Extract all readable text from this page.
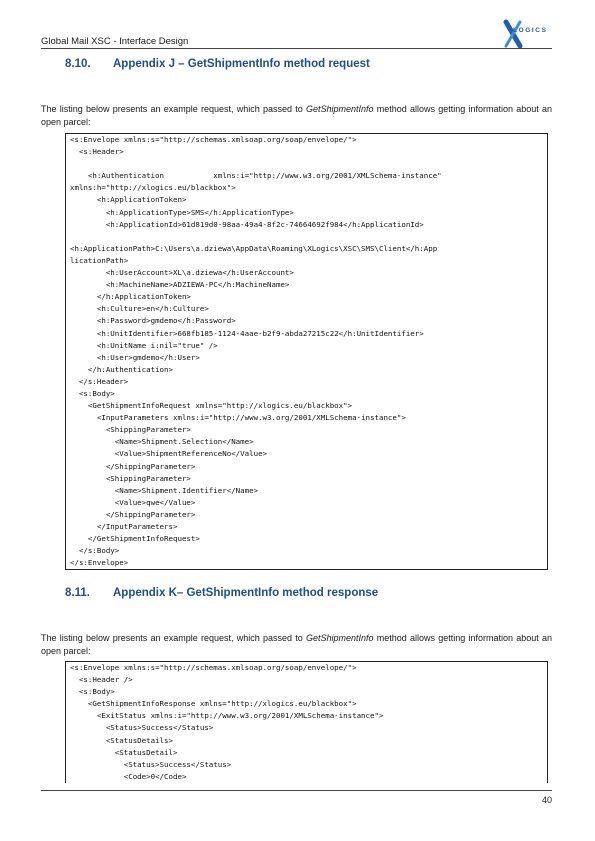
Global Mail XSC - Interface Design
LOGICS
8.10. Appendix J – GetShipmentInfo method request
The listing below presents an example request, which passed to GetShipmentInfo method allows getting information about an open parcel:
<s:Envelope xmlns:s="http://schemas.xmlsoap.org/soap/envelope/">
<s:Header>
<h:Authentication           xmlns:i="http://www.w3.org/2001/XMLSchema-instance"
xmlns:h="http://xlogics.eu/blackbox">
<h:ApplicationToken>
<h:ApplicationType>SMS</h:ApplicationType>
<h:ApplicationId>61d819d0-98aa-49a4-8f2c-74664692f984</h:ApplicationId>
<h:ApplicationPath>C:\Users\a.dziewa\AppData\Roaming\XLogics\XSC\SMS\Client</h:App
licationPath>
<h:UserAccount>XL\a.dziewa</h:UserAccount>
<h:MachineName>ADZIEWA-PC</h:MachineName>
</h:ApplicationToken>
<h:Culture>en</h:Culture>
<h:Password>gmdemo</h:Password>
<h:UnitIdentifier>668fb185-1124-4aae-b2f9-abda27215c22</h:UnitIdentifier>
<h:UnitName i:nil="true" />
<h:User>gmdemo</h:User>
</h:Authentication>
</s:Header>
<s:Body>
<GetShipmentInfoRequest xmlns="http://xlogics.eu/blackbox">
<InputParameters xmlns:i="http://www.w3.org/2001/XMLSchema-instance">
<ShippingParameter>
<Name>Shipment.Selection</Name>
<Value>ShipmentReferenceNo</Value>
</ShippingParameter>
<ShippingParameter>
<Name>Shipment.Identifier</Name>
<Value>qwe</Value>
</ShippingParameter>
</InputParameters>
</GetShipmentInfoRequest>
</s:Body>
</s:Envelope>
8.11. Appendix K– GetShipmentInfo method response
The listing below presents an example request, which passed to GetShipmentInfo method allows getting information about an open parcel:
<s:Envelope xmlns:s="http://schemas.xmlsoap.org/soap/envelope/">
<s:Header />
<s:Body>
<GetShipmentInfoResponse xmlns="http://xlogics.eu/blackbox">
<ExitStatus xmlns:i="http://www.w3.org/2001/XMLSchema-instance">
<Status>Success</Status>
<StatusDetails>
<StatusDetail>
<Status>Success</Status>
<Code>0</Code>
40
